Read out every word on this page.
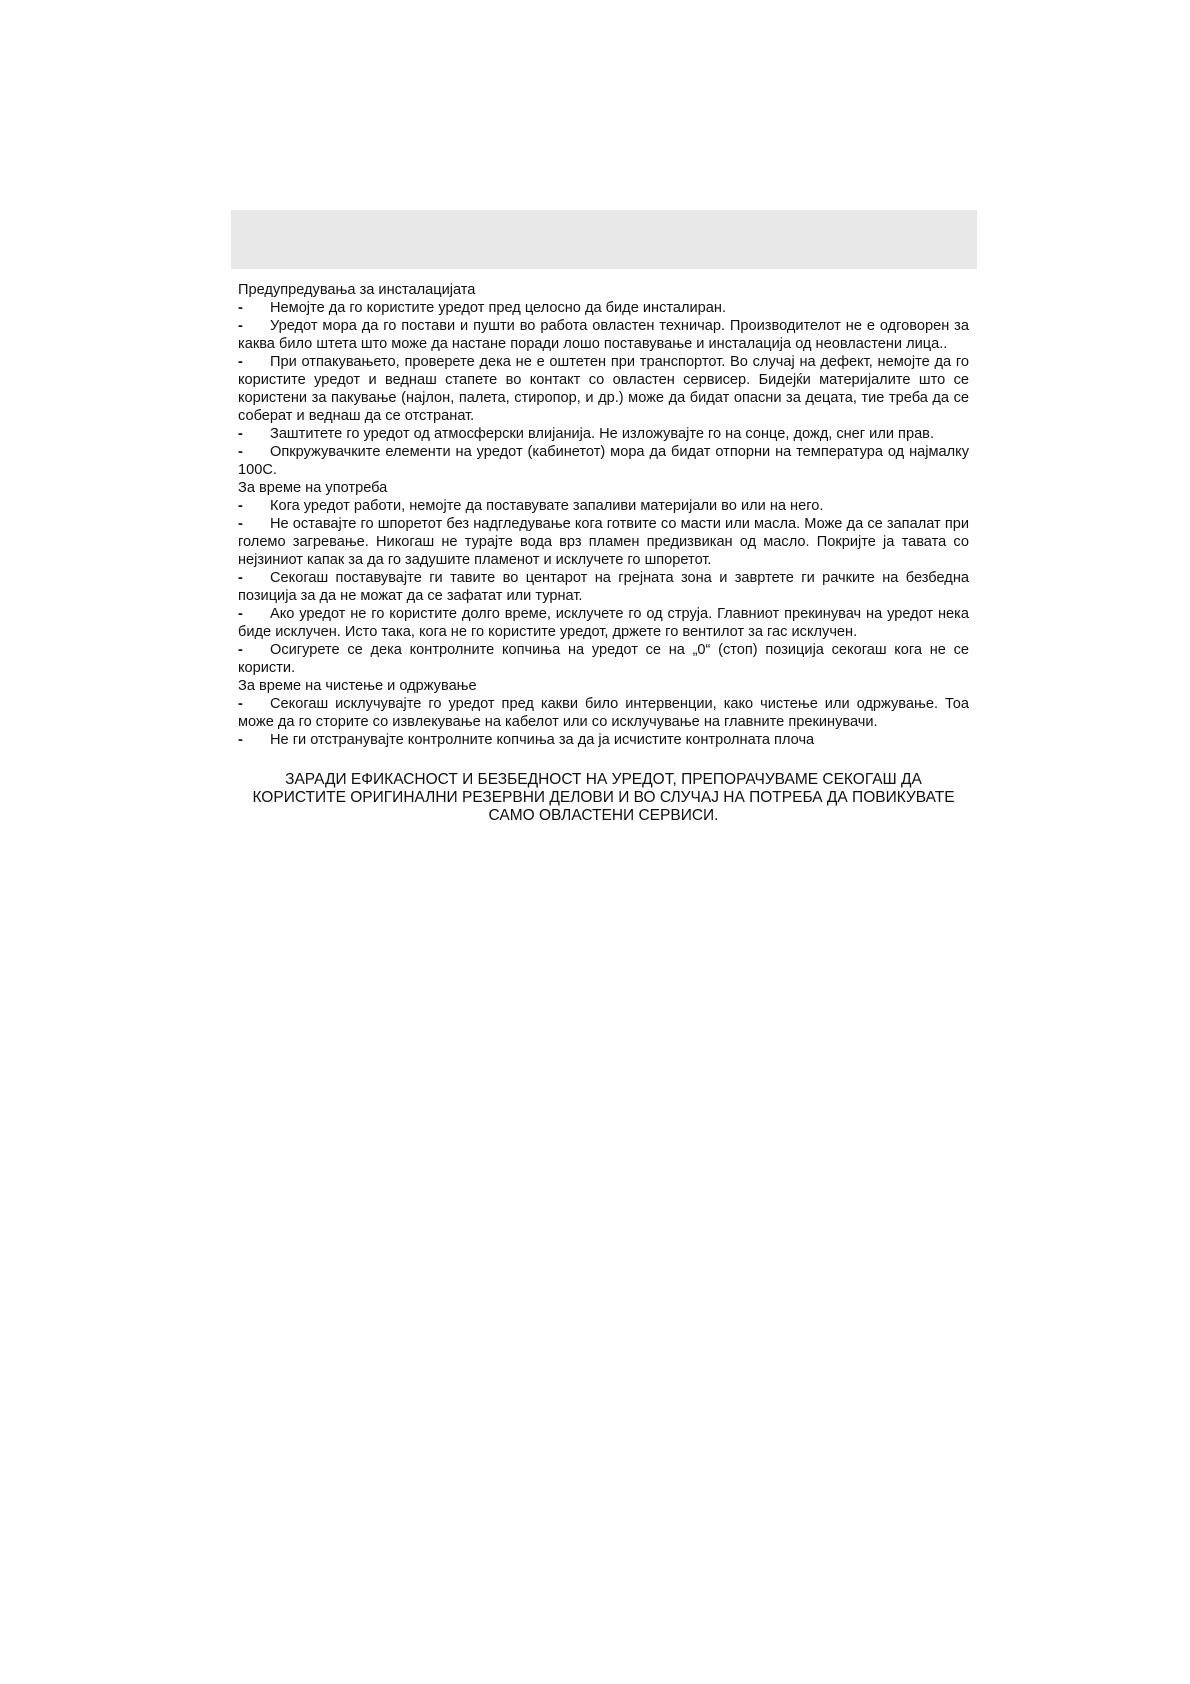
Предупредувања за инсталацијата

- Немојте да го користите уредот пред целосно да биде инсталиран.

- Уредот мора да го постави и пушти во работа овластен техничар. Производителот не е одговорен за каква било штета што може да настане поради лошо поставување и инсталација од неовластени лица..

- При отпакувањето, проверете дека не е оштетен при транспортот. Во случај на дефект, немојте да го користите уредот и веднаш стапете во контакт со овластен сервисер. Бидејќи материјалите што се користени за пакување (најлон, палета, стиропор, и др.) може да бидат опасни за децата, тие треба да се соберат и веднаш да се отстранат.

- Заштитете го уредот од атмосферски влијанија. Не изложувајте го на сонце, дожд, снег или прав.

- Опкружувачките елементи на уредот (кабинетот) мора да бидат отпорни на температура од најмалку 100С.

За време на употреба

- Кога уредот работи, немојте да поставувате запаливи материјали во или на него.

- Не оставајте го шпоретот без надгледување кога готвите со масти или масла. Може да се запалат при големо загревање. Никогаш не турајте вода врз пламен предизвикан од масло. Покријте ја тавата со нејзиниот капак за да го задушите пламенот и исклучете го шпоретот.

- Секогаш поставувајте ги тавите во центарот на грејната зона и завртете ги рачките на безбедна позиција за да не можат да се зафатат или турнат.

- Ако уредот не го користите долго време, исклучете го од струја. Главниот прекинувач на уредот нека биде исклучен. Исто така, кога не го користите уредот, држете го вентилот за гас исклучен.

- Осигурете се дека контролните копчиња на уредот се на „0“ (стоп) позиција секогаш кога не се користи.

За време на чистење и одржување

- Секогаш исклучувајте го уредот пред какви било интервенции, како чистење или одржување. Тоа може да го сторите со извлекување на кабелот или со исклучување на главните прекинувачи.

- Не ги отстранувајте контролните копчиња за да ја исчистите контролната плоча

ЗАРАДИ ЕФИКАСНОСТ И БЕЗБЕДНОСТ НА УРЕДОТ, ПРЕПОРАЧУВАМЕ СЕКОГАШ ДА КОРИСТИТЕ ОРИГИНАЛНИ РЕЗЕРВНИ ДЕЛОВИ И ВО СЛУЧАЈ НА ПОТРЕБА ДА ПОВИКУВАТЕ САМО ОВЛАСТЕНИ СЕРВИСИ.
